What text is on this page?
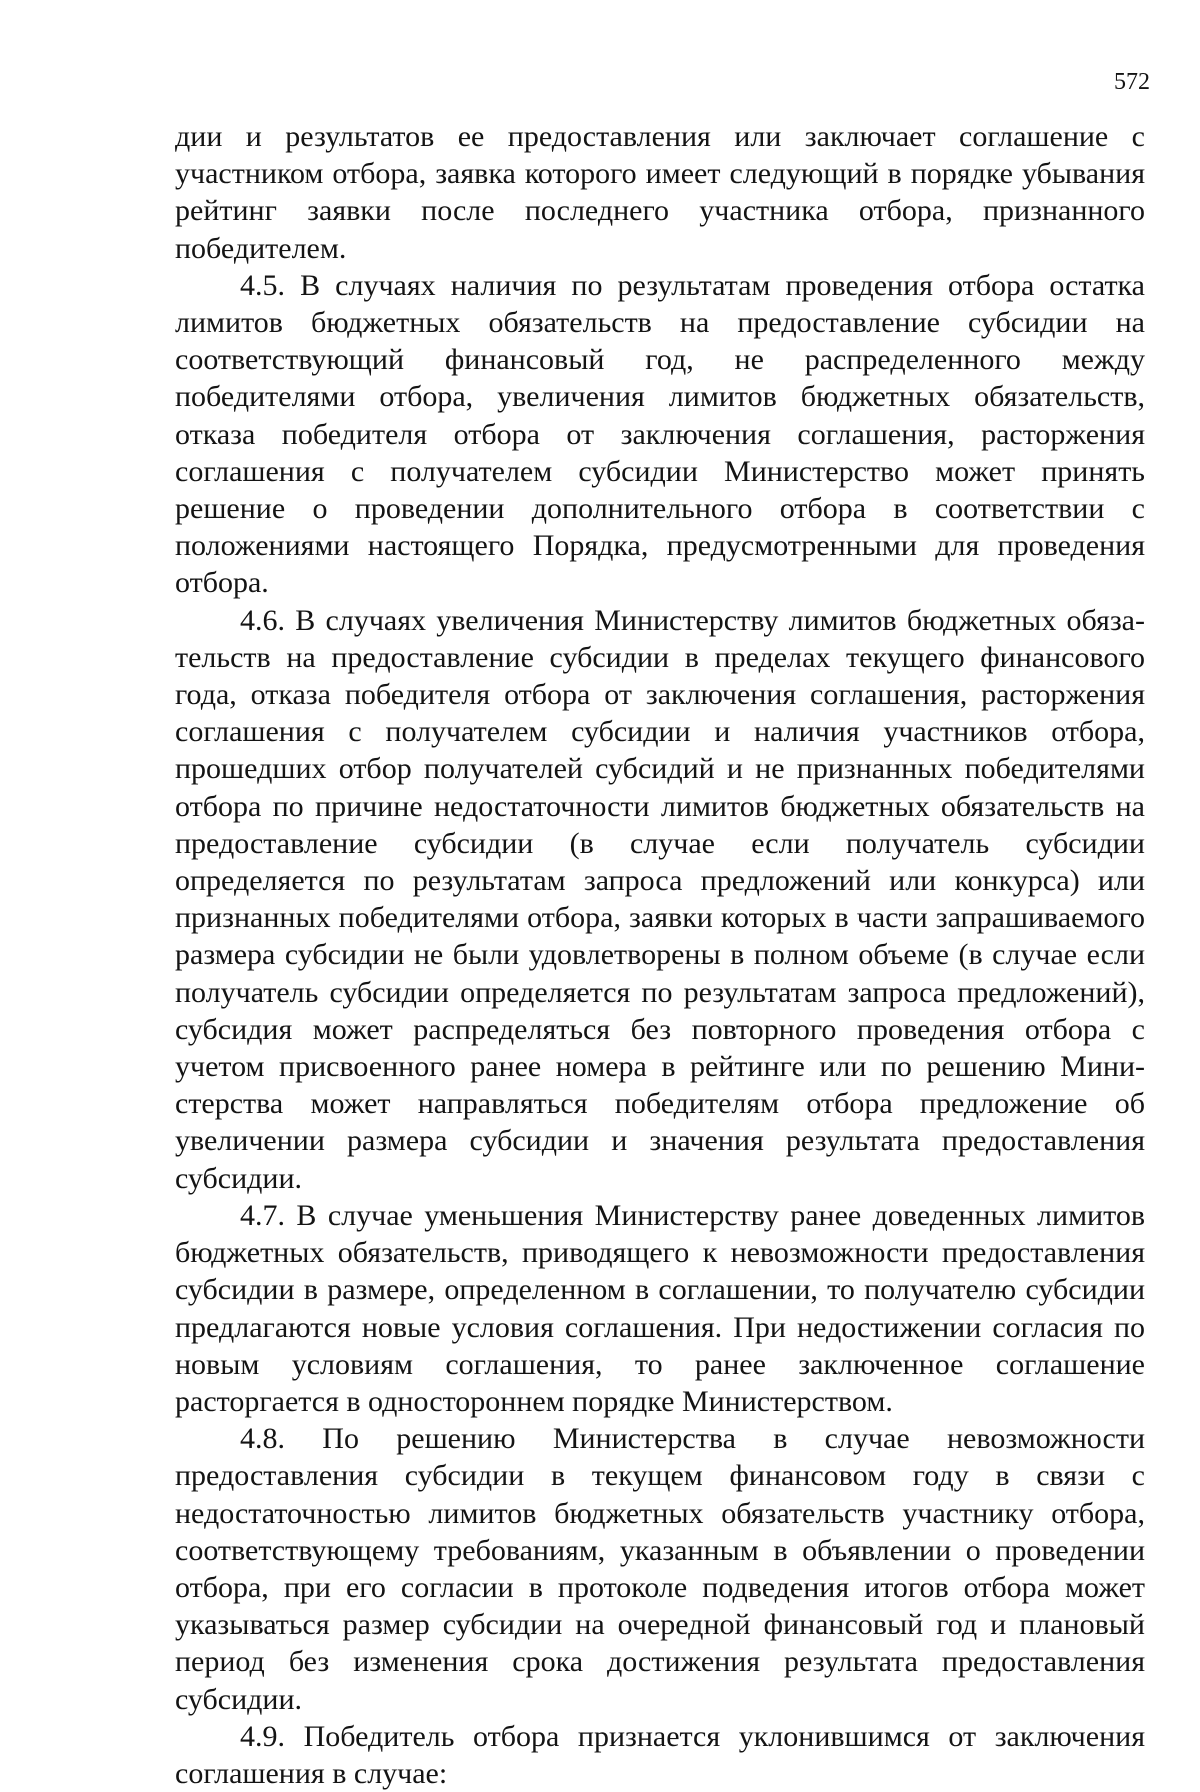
572

дии и результатов ее предоставления или заключает соглашение с участником отбора, заявка которого имеет следующий в порядке убывания рейтинг заявки после последнего участника отбора, признанного победителем.

4.5. В случаях наличия по результатам проведения отбора остатка лимитов бюджетных обязательств на предоставление субсидии на соответствующий финансовый год, не распределенного между победителями отбора, увеличения лимитов бюджетных обязательств, отказа победителя отбора от заключения соглашения, расторжения соглашения с получателем субсидии Министерство может принять решение о проведении дополнительного отбора в соответствии с положениями настоящего Порядка, предусмотренными для проведения отбора.

4.6. В случаях увеличения Министерству лимитов бюджетных обязательств на предоставление субсидии в пределах текущего финансового года, отказа победителя отбора от заключения соглашения, расторжения соглашения с получателем субсидии и наличия участников отбора, прошедших отбор получателей субсидий и не признанных победителями отбора по причине недостаточности лимитов бюджетных обязательств на предоставление субсидии (в случае если получатель субсидии определяется по результатам запроса предложений или конкурса) или признанных победителями отбора, заявки которых в части запрашиваемого размера субсидии не были удовлетворены в полном объеме (в случае если получатель субсидии определяется по результатам запроса предложений), субсидия может распределяться без повторного проведения отбора с учетом присвоенного ранее номера в рейтинге или по решению Министерства может направляться победителям отбора предложение об увеличении размера субсидии и значения результата предоставления субсидии.

4.7. В случае уменьшения Министерству ранее доведенных лимитов бюджетных обязательств, приводящего к невозможности предоставления субсидии в размере, определенном в соглашении, то получателю субсидии предлагаются новые условия соглашения. При недостижении согласия по новым условиям соглашения, то ранее заключенное соглашение расторгается в одностороннем порядке Министерством.

4.8. По решению Министерства в случае невозможности предоставления субсидии в текущем финансовом году в связи с недостаточностью лимитов бюджетных обязательств участнику отбора, соответствующему требованиям, указанным в объявлении о проведении отбора, при его согласии в протоколе подведения итогов отбора может указываться размер субсидии на очередной финансовый год и плановый период без изменения срока достижения результата предоставления субсидии.

4.9. Победитель отбора признается уклонившимся от заключения соглашения в случае:
